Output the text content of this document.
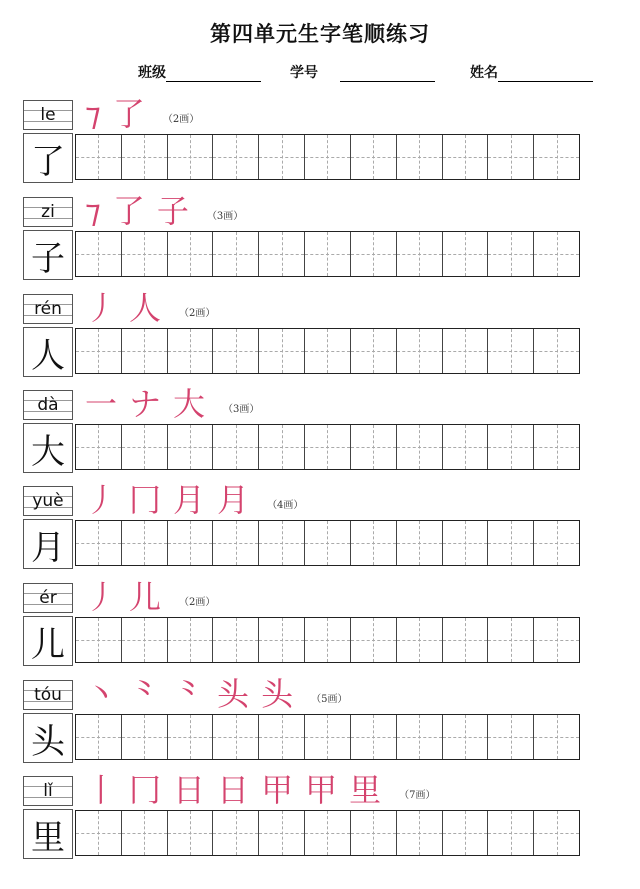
第四单元生字笔顺练习
班级	学号	姓名
le
了
⁊ 了 （2画）
zi
子
⁊ 了 子 （3画）
rén
人
丿 人 （2画）
dà
大
一 ナ 大 （3画）
yuè
月
丿 冂 月 月 （4画）
ér
儿
丿 儿 （2画）
tóu
头
丶 ⺀ ⺀ 头 头 （5画）
lǐ
里
丨 冂 日 日 甲 甲 里 （7画）
